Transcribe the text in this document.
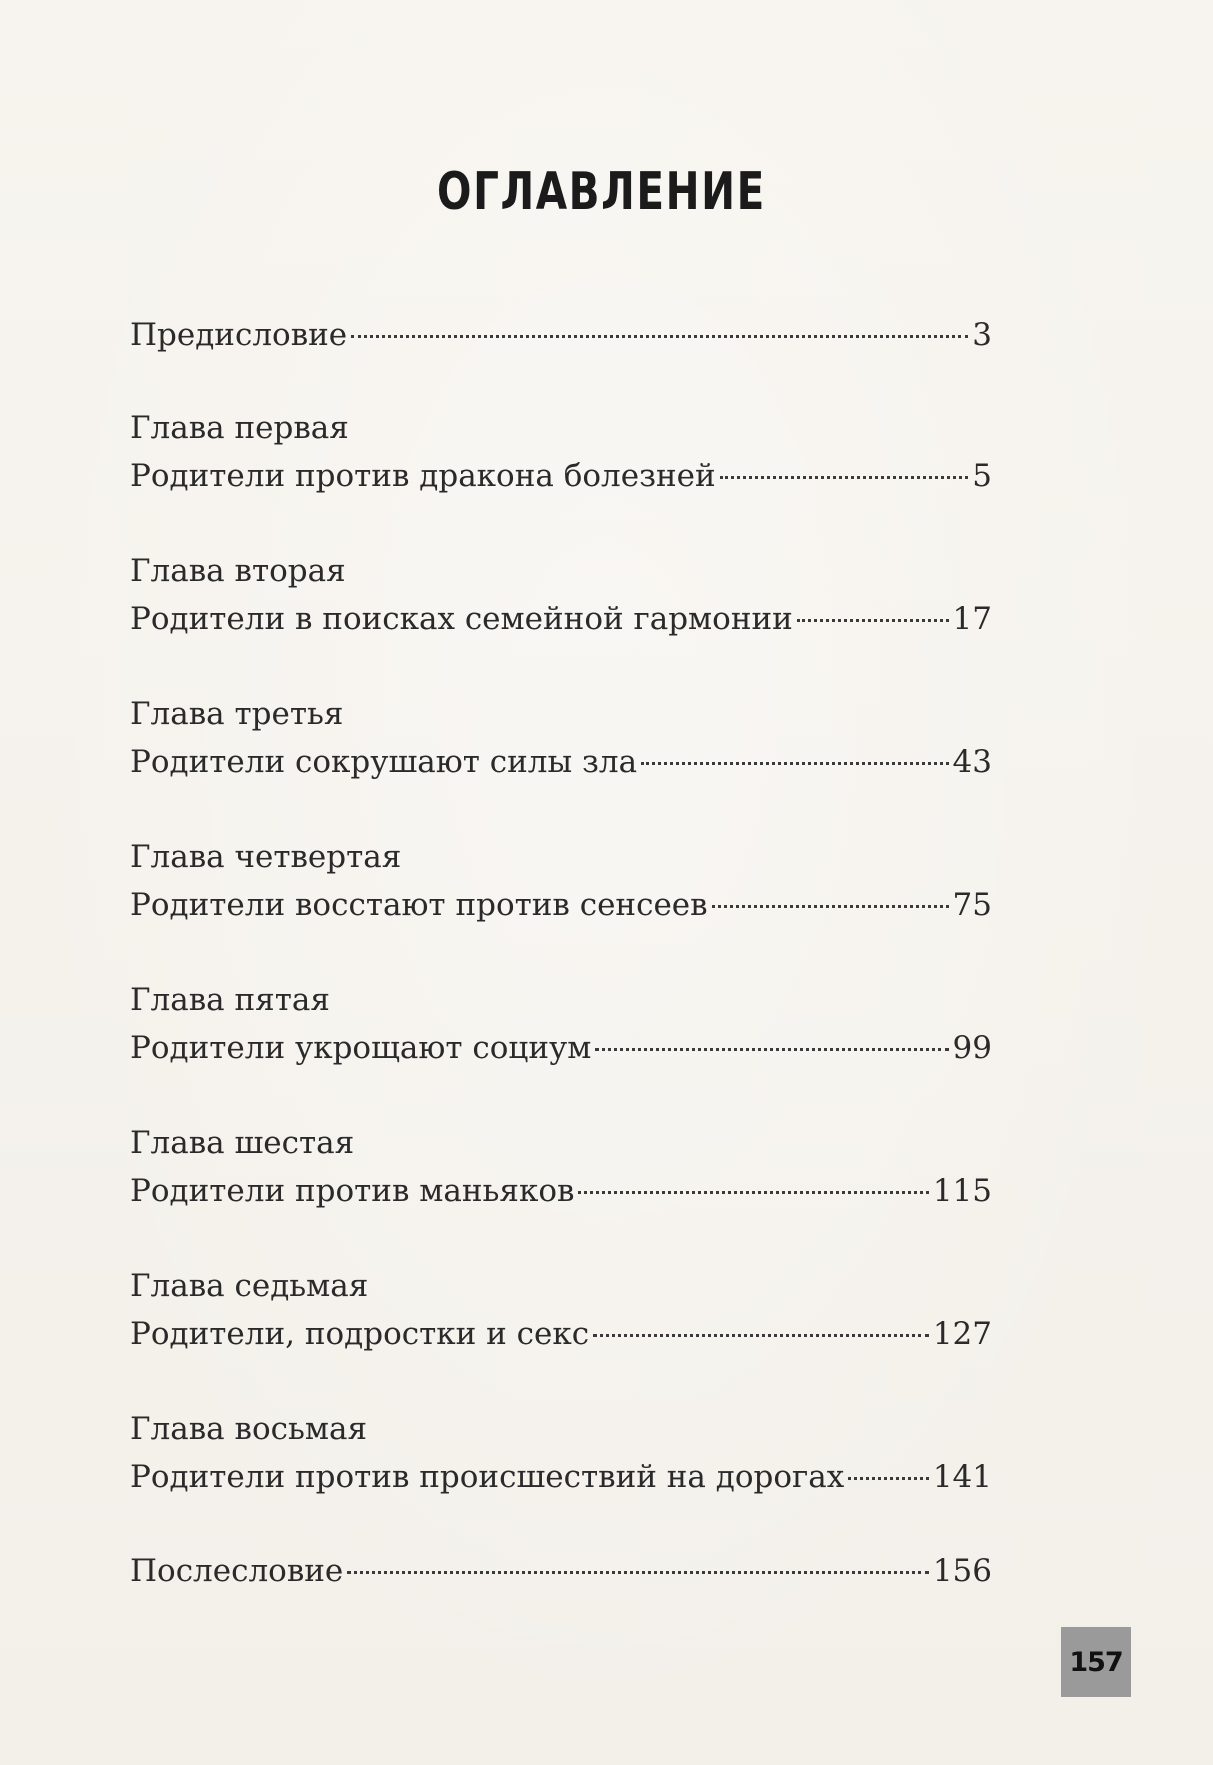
ОГЛАВЛЕНИЕ
Предисловие	3
Глава первая
Родители против дракона болезней	5
Глава вторая
Родители в поисках семейной гармонии	17
Глава третья
Родители сокрушают силы зла	43
Глава четвертая
Родители восстают против сенсеев	75
Глава пятая
Родители укрощают социум	99
Глава шестая
Родители против маньяков	115
Глава седьмая
Родители, подростки и секс	127
Глава восьмая
Родители против происшествий на дорогах	141
Послесловие	156
157
